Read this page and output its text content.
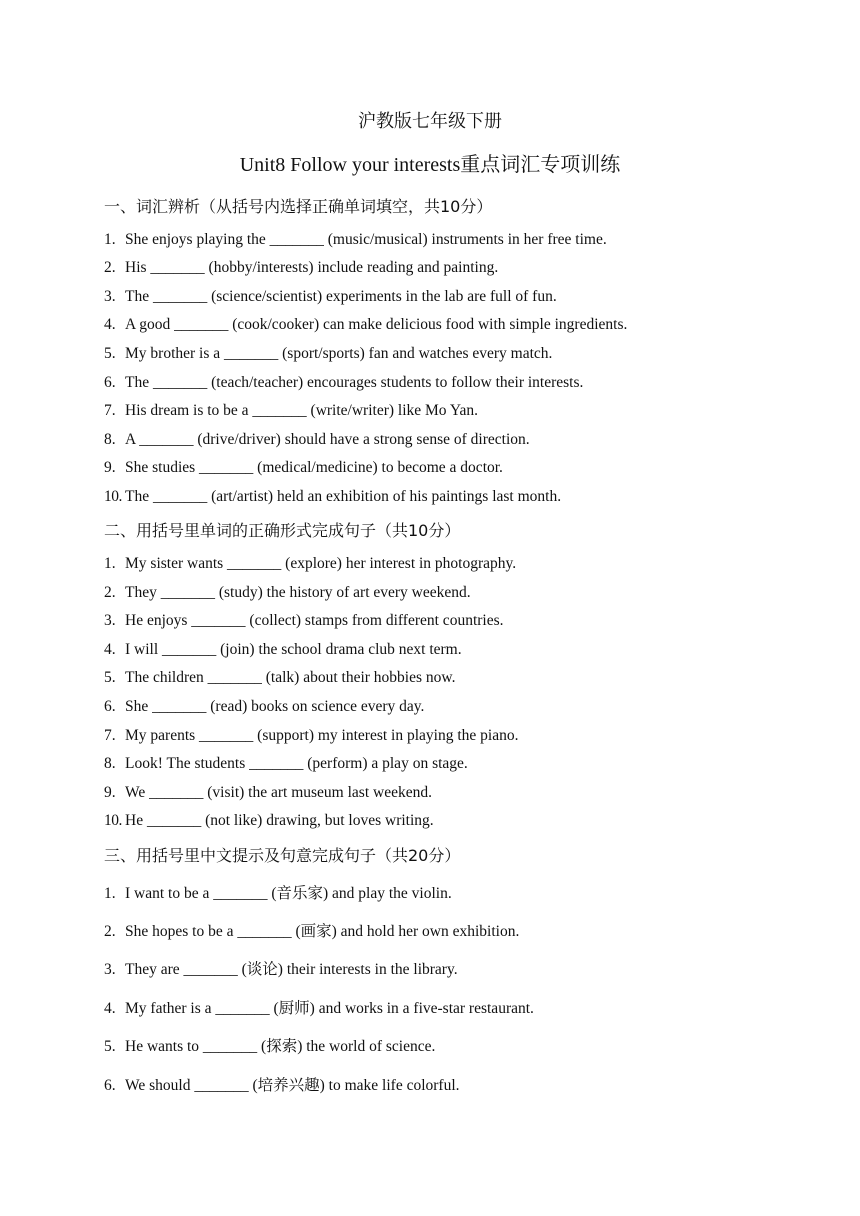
沪教版七年级下册
Unit8 Follow your interests重点词汇专项训练
一、词汇辨析（从括号内选择正确单词填空，共10分）
1. She enjoys playing the _______ (music/musical) instruments in her free time.
2. His _______ (hobby/interests) include reading and painting.
3. The _______ (science/scientist) experiments in the lab are full of fun.
4. A good _______ (cook/cooker) can make delicious food with simple ingredients.
5. My brother is a _______ (sport/sports) fan and watches every match.
6. The _______ (teach/teacher) encourages students to follow their interests.
7. His dream is to be a _______ (write/writer) like Mo Yan.
8. A _______ (drive/driver) should have a strong sense of direction.
9. She studies _______ (medical/medicine) to become a doctor.
10. The _______ (art/artist) held an exhibition of his paintings last month.
二、用括号里单词的正确形式完成句子（共10分）
1. My sister wants _______ (explore) her interest in photography.
2. They _______ (study) the history of art every weekend.
3. He enjoys _______ (collect) stamps from different countries.
4. I will _______ (join) the school drama club next term.
5. The children _______ (talk) about their hobbies now.
6. She _______ (read) books on science every day.
7. My parents _______ (support) my interest in playing the piano.
8. Look! The students _______ (perform) a play on stage.
9. We _______ (visit) the art museum last weekend.
10. He _______ (not like) drawing, but loves writing.
三、用括号里中文提示及句意完成句子（共20分）
1. I want to be a _______ (音乐家) and play the violin.
2. She hopes to be a _______ (画家) and hold her own exhibition.
3. They are _______ (谈论) their interests in the library.
4. My father is a _______ (厨师) and works in a five-star restaurant.
5. He wants to _______ (探索) the world of science.
6. We should _______ (培养兴趣) to make life colorful.
